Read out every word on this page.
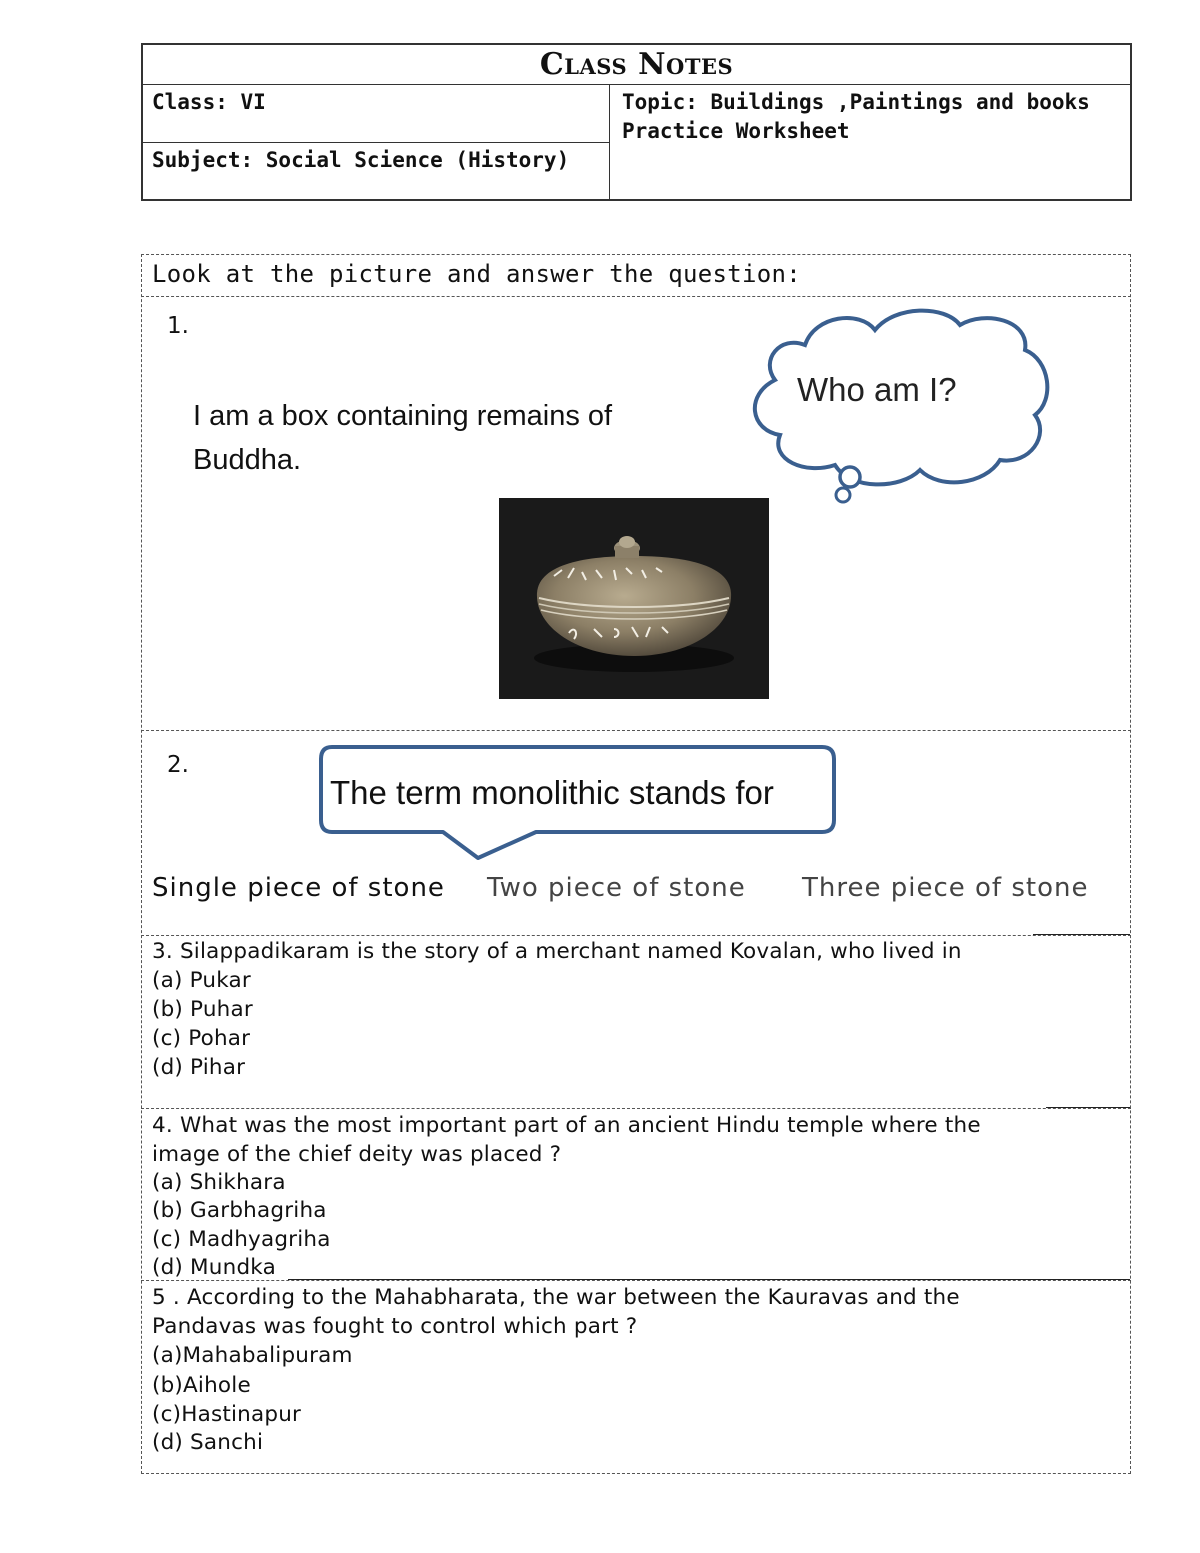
Class Notes
Class: VI
Subject: Social Science (History)
Topic: Buildings ,Paintings and books
Practice Worksheet
Look at the picture and answer the question:
1.
I am a box containing remains of
Buddha.
Who am I?
2.
The term monolithic stands for
Single piece of stone Two piece of stone Three piece of stone
3. Silappadikaram is the story of a merchant named Kovalan, who lived in
(a) Pukar
(b) Puhar
(c) Pohar
(d) Pihar
4. What was the most important part of an ancient Hindu temple where the
image of the chief deity was placed ?
(a) Shikhara
(b) Garbhagriha
(c) Madhyagriha
(d) Mundka
5 . According to the Mahabharata, the war between the Kauravas and the
Pandavas was fought to control which part ?
(a)Mahabalipuram
(b)Aihole
(c)Hastinapur
(d) Sanchi
